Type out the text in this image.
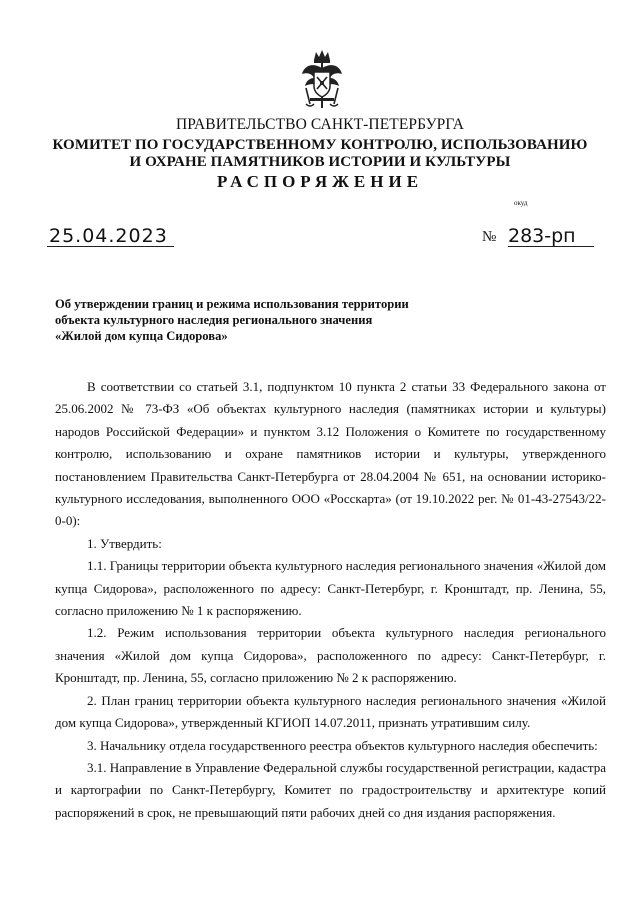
ПРАВИТЕЛЬСТВО САНКТ-ПЕТЕРБУРГА
КОМИТЕТ ПО ГОСУДАРСТВЕННОМУ КОНТРОЛЮ, ИСПОЛЬЗОВАНИЮ
И ОХРАНЕ ПАМЯТНИКОВ ИСТОРИИ И КУЛЬТУРЫ
РАСПОРЯЖЕНИЕ
окуд
25.04.2023	№ 283-рп
Об утверждении границ и режима использования территории
объекта культурного наследия регионального значения
«Жилой дом купца Сидорова»

В соответствии со статьей 3.1, подпунктом 10 пункта 2 статьи 33 Федерального закона от 25.06.2002 № 73-ФЗ «Об объектах культурного наследия (памятниках истории и культуры) народов Российской Федерации» и пунктом 3.12 Положения о Комитете по государственному контролю, использованию и охране памятников истории и культуры, утвержденного постановлением Правительства Санкт-Петербурга от 28.04.2004 № 651, на основании историко-культурного исследования, выполненного ООО «Росскарта» (от 19.10.2022 рег. № 01-43-27543/22-0-0):

1. Утвердить:

1.1. Границы территории объекта культурного наследия регионального значения «Жилой дом купца Сидорова», расположенного по адресу: Санкт-Петербург, г. Кронштадт, пр. Ленина, 55, согласно приложению № 1 к распоряжению.

1.2. Режим использования территории объекта культурного наследия регионального значения «Жилой дом купца Сидорова», расположенного по адресу: Санкт-Петербург, г. Кронштадт, пр. Ленина, 55, согласно приложению № 2 к распоряжению.

2. План границ территории объекта культурного наследия регионального значения «Жилой дом купца Сидорова», утвержденный КГИОП 14.07.2011, признать утратившим силу.

3. Начальнику отдела государственного реестра объектов культурного наследия обеспечить:

3.1. Направление в Управление Федеральной службы государственной регистрации, кадастра и картографии по Санкт-Петербургу, Комитет по градостроительству и архитектуре копий распоряжений в срок, не превышающий пяти рабочих дней со дня издания распоряжения.
